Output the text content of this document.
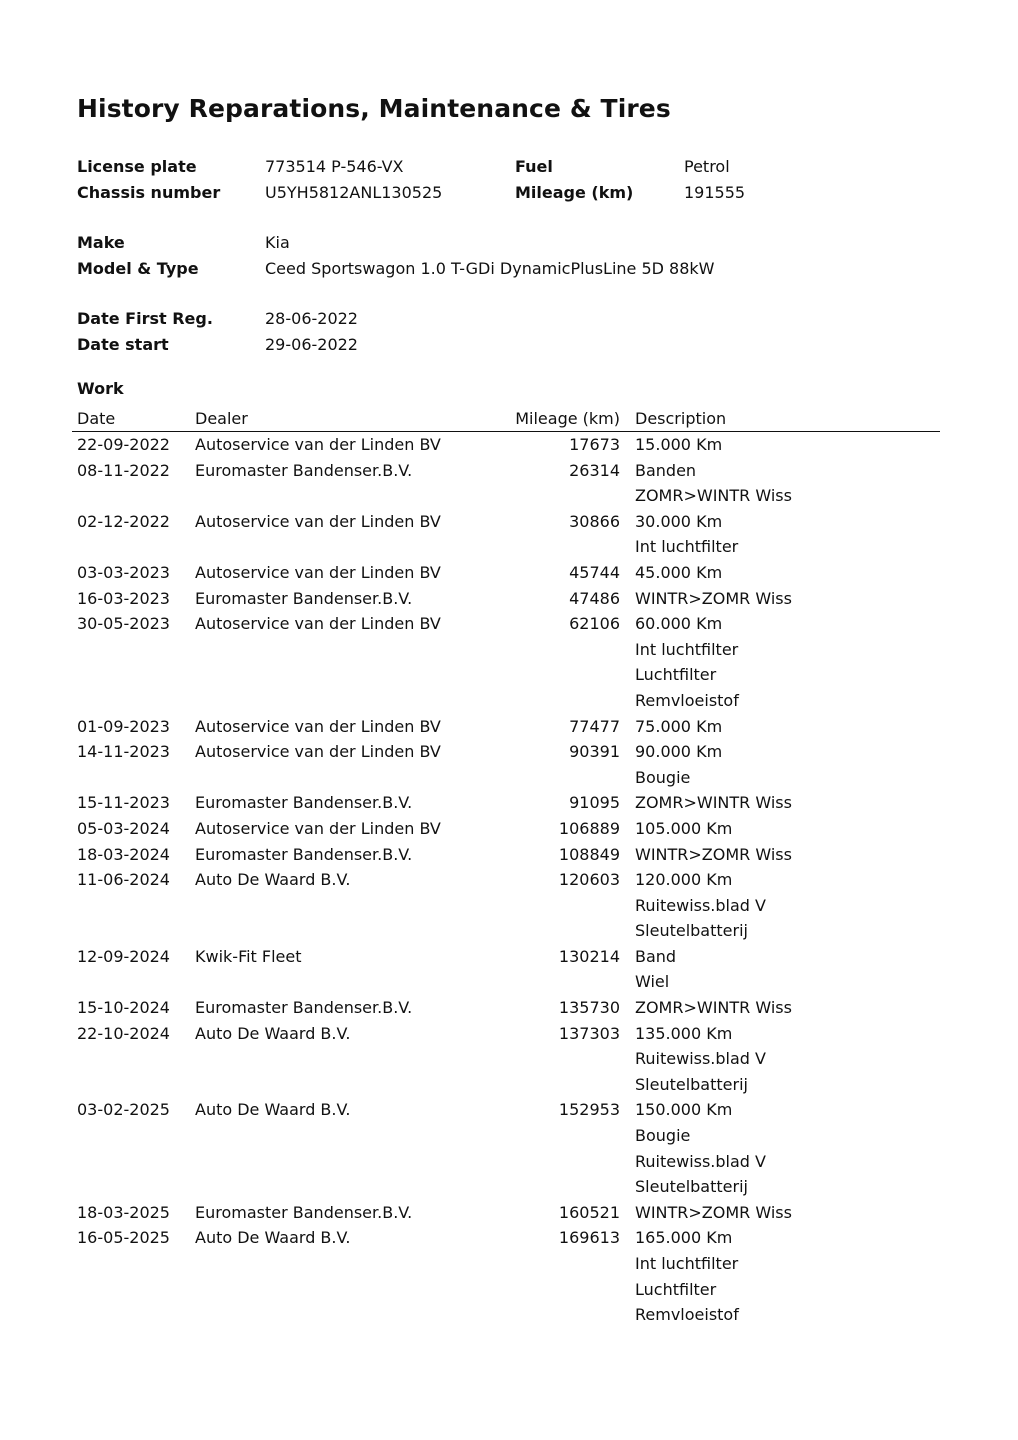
History Reparations, Maintenance & Tires
License plate	773514 P-546-VX	Fuel	Petrol
Chassis number	U5YH5812ANL130525	Mileage (km)	191555
Make	Kia
Model & Type	Ceed Sportswagon 1.0 T-GDi DynamicPlusLine 5D 88kW
Date First Reg.	28-06-2022
Date start	29-06-2022
Work
Date	Dealer	Mileage (km) Description
22-09-2022 Autoservice van der Linden BV	17673 15.000 Km
08-11-2022 Euromaster Bandenser.B.V.	26314 Banden
ZOMR>WINTR Wiss
02-12-2022 Autoservice van der Linden BV	30866 30.000 Km
Int luchtfilter
03-03-2023 Autoservice van der Linden BV	45744 45.000 Km
16-03-2023 Euromaster Bandenser.B.V.	47486 WINTR>ZOMR Wiss
30-05-2023 Autoservice van der Linden BV	62106 60.000 Km
Int luchtfilter
Luchtfilter
Remvloeistof
01-09-2023 Autoservice van der Linden BV	77477 75.000 Km
14-11-2023 Autoservice van der Linden BV	90391 90.000 Km
Bougie
15-11-2023 Euromaster Bandenser.B.V.	91095 ZOMR>WINTR Wiss
05-03-2024 Autoservice van der Linden BV	106889 105.000 Km
18-03-2024 Euromaster Bandenser.B.V.	108849 WINTR>ZOMR Wiss
11-06-2024 Auto De Waard B.V.	120603 120.000 Km
Ruitewiss.blad V
Sleutelbatterij
12-09-2024 Kwik-Fit Fleet	130214 Band
Wiel
15-10-2024 Euromaster Bandenser.B.V.	135730 ZOMR>WINTR Wiss
22-10-2024 Auto De Waard B.V.	137303 135.000 Km
Ruitewiss.blad V
Sleutelbatterij
03-02-2025 Auto De Waard B.V.	152953 150.000 Km
Bougie
Ruitewiss.blad V
Sleutelbatterij
18-03-2025 Euromaster Bandenser.B.V.	160521 WINTR>ZOMR Wiss
16-05-2025 Auto De Waard B.V.	169613 165.000 Km
Int luchtfilter
Luchtfilter
Remvloeistof
